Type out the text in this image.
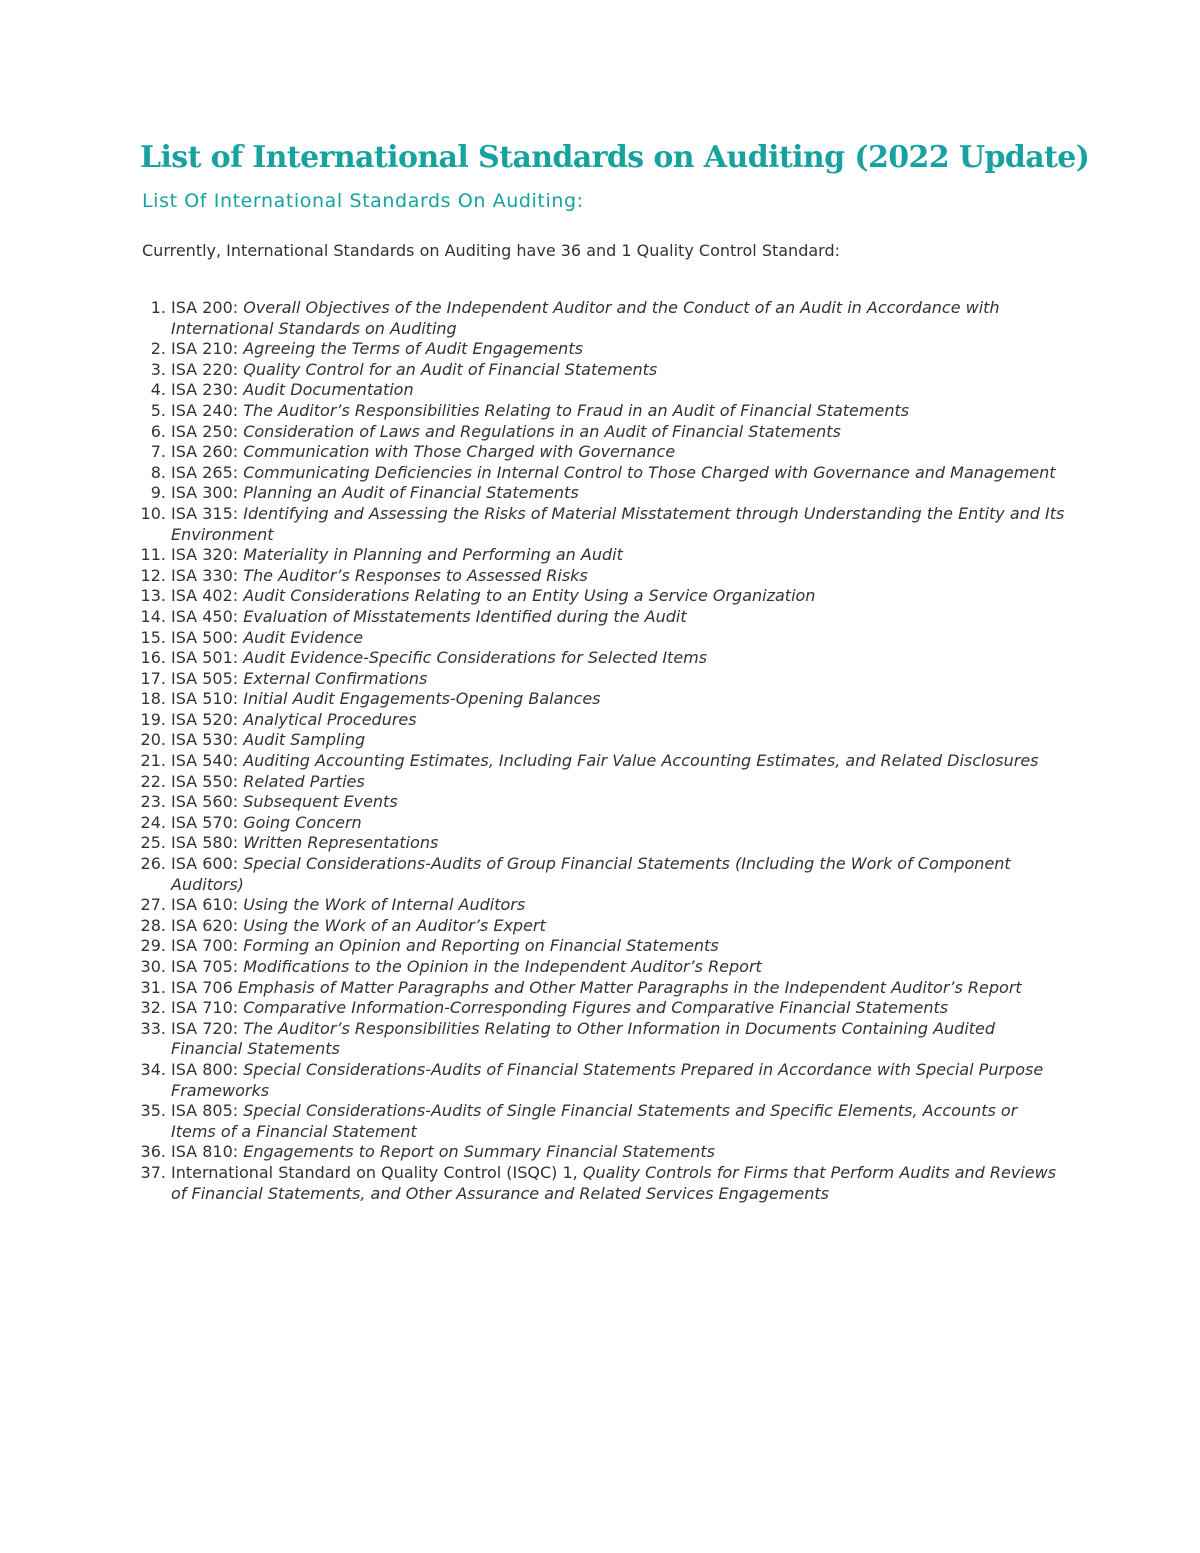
List of International Standards on Auditing (2022 Update)
List Of International Standards On Auditing:

Currently, International Standards on Auditing have 36 and 1 Quality Control Standard:

1. ISA 200: Overall Objectives of the Independent Auditor and the Conduct of an Audit in Accordance with International Standards on Auditing
2. ISA 210: Agreeing the Terms of Audit Engagements
3. ISA 220: Quality Control for an Audit of Financial Statements
4. ISA 230: Audit Documentation
5. ISA 240: The Auditor’s Responsibilities Relating to Fraud in an Audit of Financial Statements
6. ISA 250: Consideration of Laws and Regulations in an Audit of Financial Statements
7. ISA 260: Communication with Those Charged with Governance
8. ISA 265: Communicating Deficiencies in Internal Control to Those Charged with Governance and Management
9. ISA 300: Planning an Audit of Financial Statements
10. ISA 315: Identifying and Assessing the Risks of Material Misstatement through Understanding the Entity and Its Environment
11. ISA 320: Materiality in Planning and Performing an Audit
12. ISA 330: The Auditor’s Responses to Assessed Risks
13. ISA 402: Audit Considerations Relating to an Entity Using a Service Organization
14. ISA 450: Evaluation of Misstatements Identified during the Audit
15. ISA 500: Audit Evidence
16. ISA 501: Audit Evidence-Specific Considerations for Selected Items
17. ISA 505: External Confirmations
18. ISA 510: Initial Audit Engagements-Opening Balances
19. ISA 520: Analytical Procedures
20. ISA 530: Audit Sampling
21. ISA 540: Auditing Accounting Estimates, Including Fair Value Accounting Estimates, and Related Disclosures
22. ISA 550: Related Parties
23. ISA 560: Subsequent Events
24. ISA 570: Going Concern
25. ISA 580: Written Representations
26. ISA 600: Special Considerations-Audits of Group Financial Statements (Including the Work of Component Auditors)
27. ISA 610: Using the Work of Internal Auditors
28. ISA 620: Using the Work of an Auditor’s Expert
29. ISA 700: Forming an Opinion and Reporting on Financial Statements
30. ISA 705: Modifications to the Opinion in the Independent Auditor’s Report
31. ISA 706 Emphasis of Matter Paragraphs and Other Matter Paragraphs in the Independent Auditor’s Report
32. ISA 710: Comparative Information-Corresponding Figures and Comparative Financial Statements
33. ISA 720: The Auditor’s Responsibilities Relating to Other Information in Documents Containing Audited Financial Statements
34. ISA 800: Special Considerations-Audits of Financial Statements Prepared in Accordance with Special Purpose Frameworks
35. ISA 805: Special Considerations-Audits of Single Financial Statements and Specific Elements, Accounts or Items of a Financial Statement
36. ISA 810: Engagements to Report on Summary Financial Statements
37. International Standard on Quality Control (ISQC) 1, Quality Controls for Firms that Perform Audits and Reviews of Financial Statements, and Other Assurance and Related Services Engagements
